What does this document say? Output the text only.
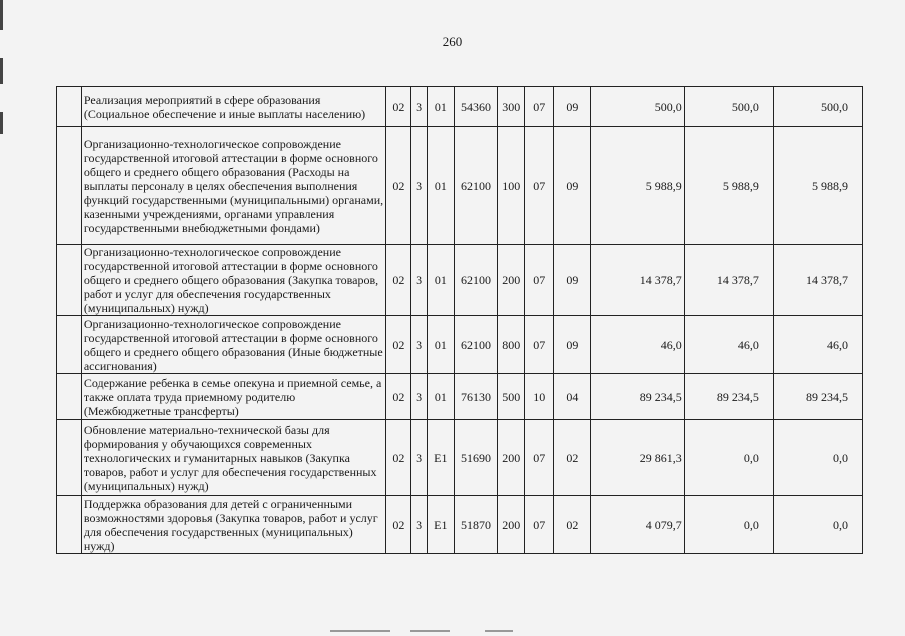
260
	Реализация мероприятий в сфере образования (Социальное обеспечение и иные выплаты населению)	02	3	01	54360	300	07	09	500,0	500,0	500,0
	Организационно-технологическое сопровождение государственной итоговой аттестации в форме основного общего и среднего общего образования (Расходы на выплаты персоналу в целях обеспечения выполнения функций государственными (муниципальными) органами, казенными учреждениями, органами управления государственными внебюджетными фондами)	02	3	01	62100	100	07	09	5 988,9	5 988,9	5 988,9
	Организационно-технологическое сопровождение государственной итоговой аттестации в форме основного общего и среднего общего образования (Закупка товаров, работ и услуг для обеспечения государственных (муниципальных) нужд)	02	3	01	62100	200	07	09	14 378,7	14 378,7	14 378,7
	Организационно-технологическое сопровождение государственной итоговой аттестации в форме основного общего и среднего общего образования (Иные бюджетные ассигнования)	02	3	01	62100	800	07	09	46,0	46,0	46,0
	Содержание ребенка в семье опекуна и приемной семье, а также оплата труда приемному родителю (Межбюджетные трансферты)	02	3	01	76130	500	10	04	89 234,5	89 234,5	89 234,5
	Обновление материально-технической базы для формирования у обучающихся современных технологических и гуманитарных навыков (Закупка товаров, работ и услуг для обеспечения государственных (муниципальных) нужд)	02	3	Е1	51690	200	07	02	29 861,3	0,0	0,0
	Поддержка образования для детей с ограниченными возможностями здоровья (Закупка товаров, работ и услуг для обеспечения государственных (муниципальных) нужд)	02	3	Е1	51870	200	07	02	4 079,7	0,0	0,0
